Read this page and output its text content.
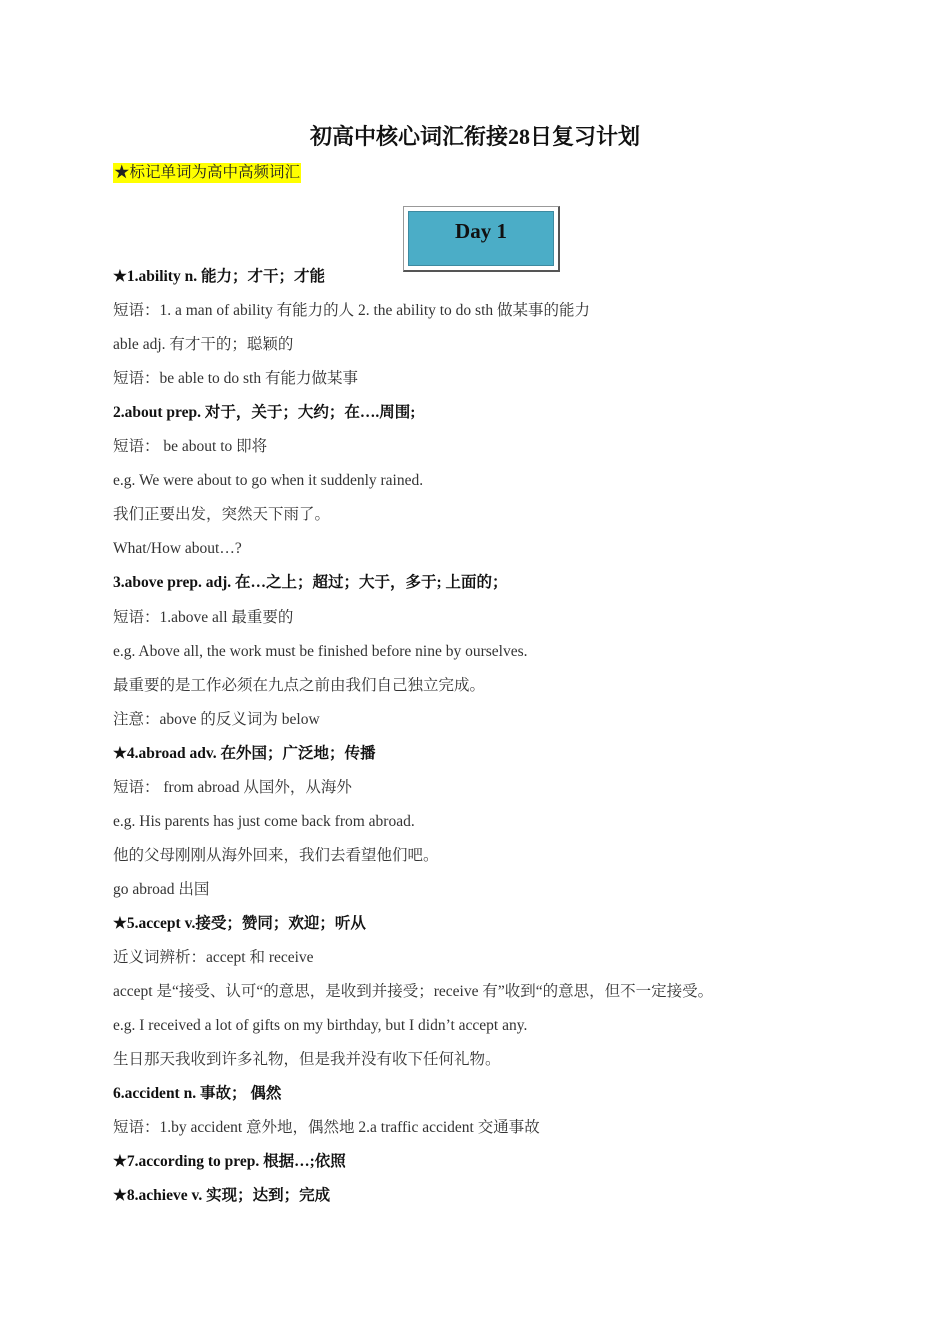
初高中核心词汇衔接28日复习计划
★标记单词为高中高频词汇
Day 1
★1.ability n. 能力；才干；才能
短语：1. a man of ability 有能力的人 2. the ability to do sth 做某事的能力
able adj. 有才干的；聪颖的
短语：be able to do sth 有能力做某事
2.about prep. 对于，关于；大约；在….周围;
短语： be about to 即将
e.g. We were about to go when it suddenly rained.
我们正要出发，突然天下雨了。
What/How about…?
3.above prep. adj. 在…之上；超过；大于，多于; 上面的；
短语：1.above all 最重要的
e.g. Above all, the work must be finished before nine by ourselves.
最重要的是工作必须在九点之前由我们自己独立完成。
注意：above 的反义词为 below
★4.abroad adv. 在外国；广泛地；传播
短语： from abroad 从国外，从海外
e.g. His parents has just come back from abroad.
他的父母刚刚从海外回来，我们去看望他们吧。
go abroad 出国
★5.accept v.接受；赞同；欢迎；听从
近义词辨析：accept 和 receive
accept 是“接受、认可“的意思，是收到并接受；receive 有”收到“的意思，但不一定接受。
e.g. I received a lot of gifts on my birthday, but I didn’t accept any.
生日那天我收到许多礼物，但是我并没有收下任何礼物。
6.accident n. 事故； 偶然
短语：1.by accident 意外地，偶然地 2.a traffic accident 交通事故
★7.according to prep. 根据…;依照
★8.achieve v. 实现；达到；完成
